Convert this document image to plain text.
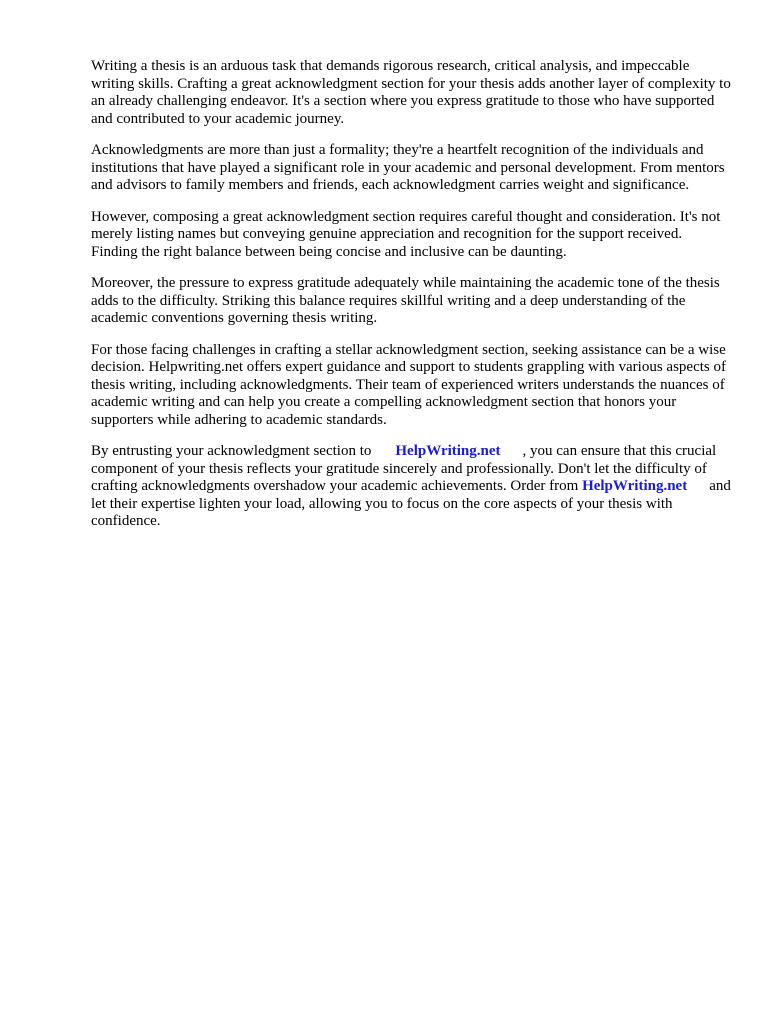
Writing a thesis is an arduous task that demands rigorous research, critical analysis, and impeccable writing skills. Crafting a great acknowledgment section for your thesis adds another layer of complexity to an already challenging endeavor. It's a section where you express gratitude to those who have supported and contributed to your academic journey.

Acknowledgments are more than just a formality; they're a heartfelt recognition of the individuals and institutions that have played a significant role in your academic and personal development. From mentors and advisors to family members and friends, each acknowledgment carries weight and significance.

However, composing a great acknowledgment section requires careful thought and consideration. It's not merely listing names but conveying genuine appreciation and recognition for the support received. Finding the right balance between being concise and inclusive can be daunting.

Moreover, the pressure to express gratitude adequately while maintaining the academic tone of the thesis adds to the difficulty. Striking this balance requires skillful writing and a deep understanding of the academic conventions governing thesis writing.

For those facing challenges in crafting a stellar acknowledgment section, seeking assistance can be a wise decision. Helpwriting.net offers expert guidance and support to students grappling with various aspects of thesis writing, including acknowledgments. Their team of experienced writers understands the nuances of academic writing and can help you create a compelling acknowledgment section that honors your supporters while adhering to academic standards.

By entrusting your acknowledgment section to HelpWriting.net , you can ensure that this crucial component of your thesis reflects your gratitude sincerely and professionally. Don't let the difficulty of crafting acknowledgments overshadow your academic achievements. Order from HelpWriting.net and let their expertise lighten your load, allowing you to focus on the core aspects of your thesis with confidence.
